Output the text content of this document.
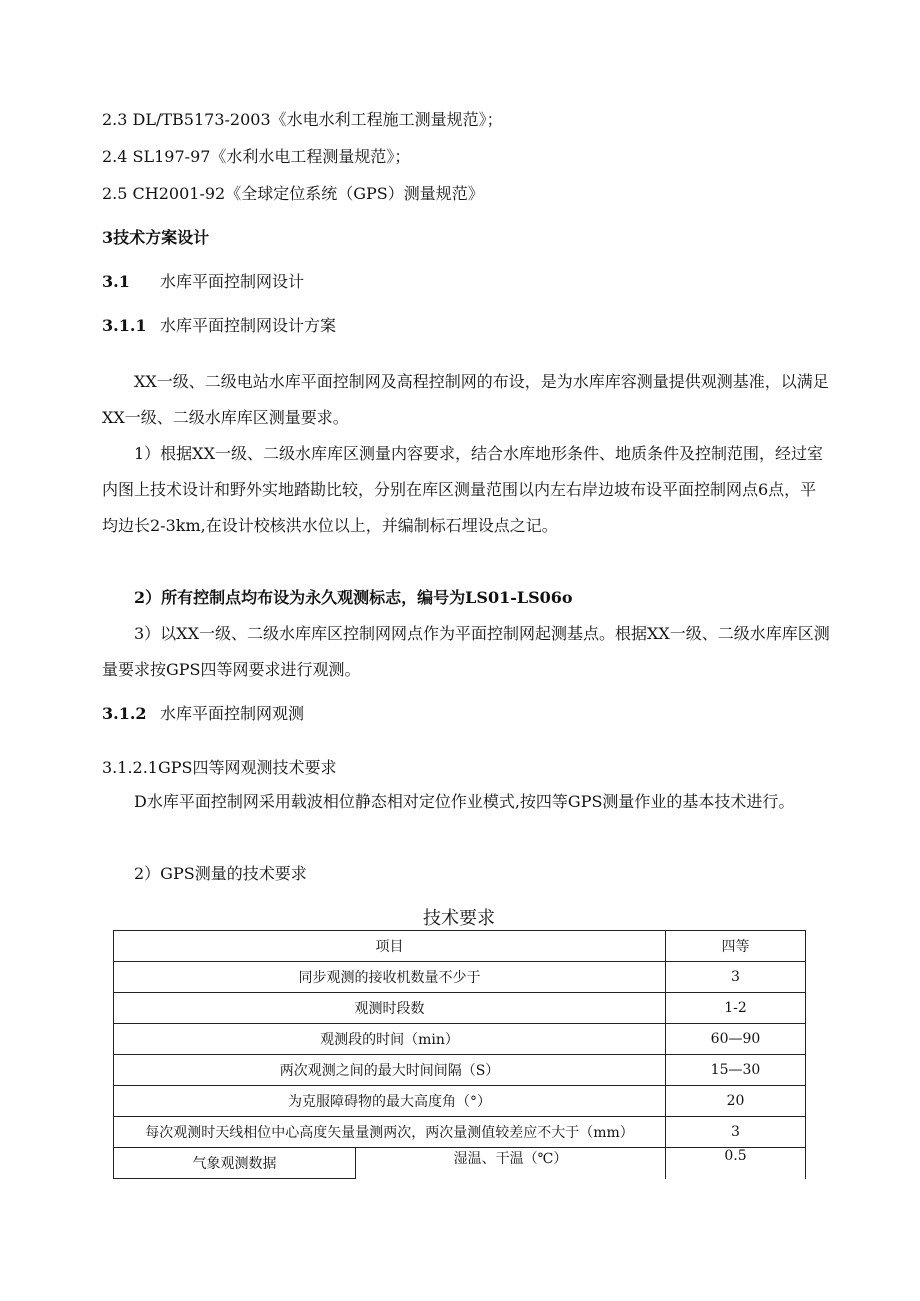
2.3 DL/TB5173-2003《水电水利工程施工测量规范》；
2.4 SL197-97《水利水电工程测量规范》；
2.5 CH2001-92《全球定位系统（GPS）测量规范》
3技术方案设计
3.1 水库平面控制网设计
3.1.1 水库平面控制网设计方案
XX一级、二级电站水库平面控制网及高程控制网的布设，是为水库库容测量提供观测基准，以满足XX一级、二级水库库区测量要求。
1）根据XX一级、二级水库库区测量内容要求，结合水库地形条件、地质条件及控制范围，经过室内图上技术设计和野外实地踏勘比较，分别在库区测量范围以内左右岸边坡布设平面控制网点6点，平均边长2-3km,在设计校核洪水位以上，并编制标石埋设点之记。
2）所有控制点均布设为永久观测标志，编号为LS01-LS06o
3）以XX一级、二级水库库区控制网网点作为平面控制网起测基点。根据XX一级、二级水库库区测量要求按GPS四等网要求进行观测。
3.1.2 水库平面控制网观测
3.1.2.1GPS四等网观测技术要求
D水库平面控制网采用载波相位静态相对定位作业模式,按四等GPS测量作业的基本技术进行。
2）GPS测量的技术要求
技术要求
项目		四等
同步观测的接收机数量不少于		3
观测时段数		1-2
观测段的时间（min）		60—90
两次观测之间的最大时间间隔（S）		15—30
为克服障碍物的最大高度角（°）		20
每次观测时天线相位中心高度矢量量测两次，两次量测值较差应不大于（mm）		3
气象观测数据	湿温、干温（℃）	0.5
